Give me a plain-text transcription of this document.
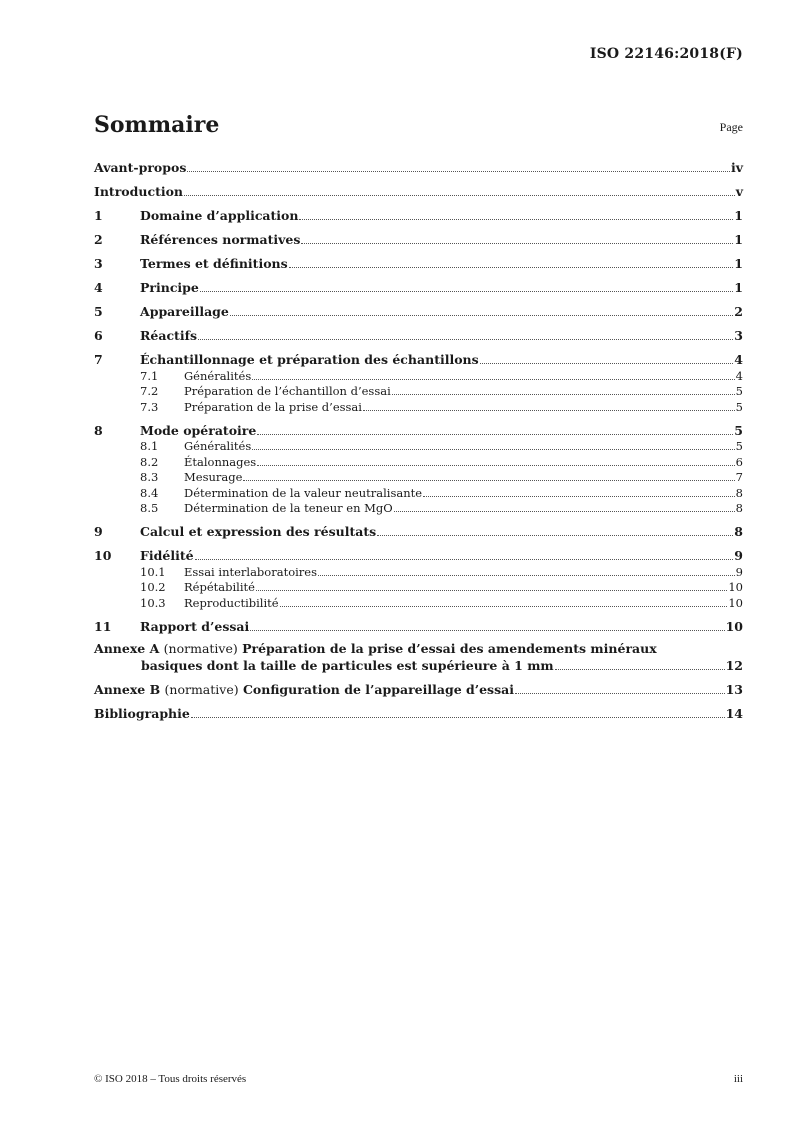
ISO 22146:2018(F)
Sommaire	Page
Avant-propos	iv
Introduction	v
1	Domaine d’application	1
2	Références normatives	1
3	Termes et définitions	1
4	Principe	1
5	Appareillage	2
6	Réactifs	3
7	Échantillonnage et préparation des échantillons	4
7.1	Généralités	4
7.2	Préparation de l’échantillon d’essai	5
7.3	Préparation de la prise d’essai	5
8	Mode opératoire	5
8.1	Généralités	5
8.2	Étalonnages	6
8.3	Mesurage	7
8.4	Détermination de la valeur neutralisante	8
8.5	Détermination de la teneur en MgO	8
9	Calcul et expression des résultats	8
10	Fidélité	9
10.1	Essai interlaboratoires	9
10.2	Répétabilité	10
10.3	Reproductibilité	10
11	Rapport d’essai	10
Annexe A (normative) Préparation de la prise d’essai des amendements minéraux
basiques dont la taille de particules est supérieure à 1 mm	12
Annexe B (normative) Configuration de l’appareillage d’essai	13
Bibliographie	14
© ISO 2018 – Tous droits réservés	iii
